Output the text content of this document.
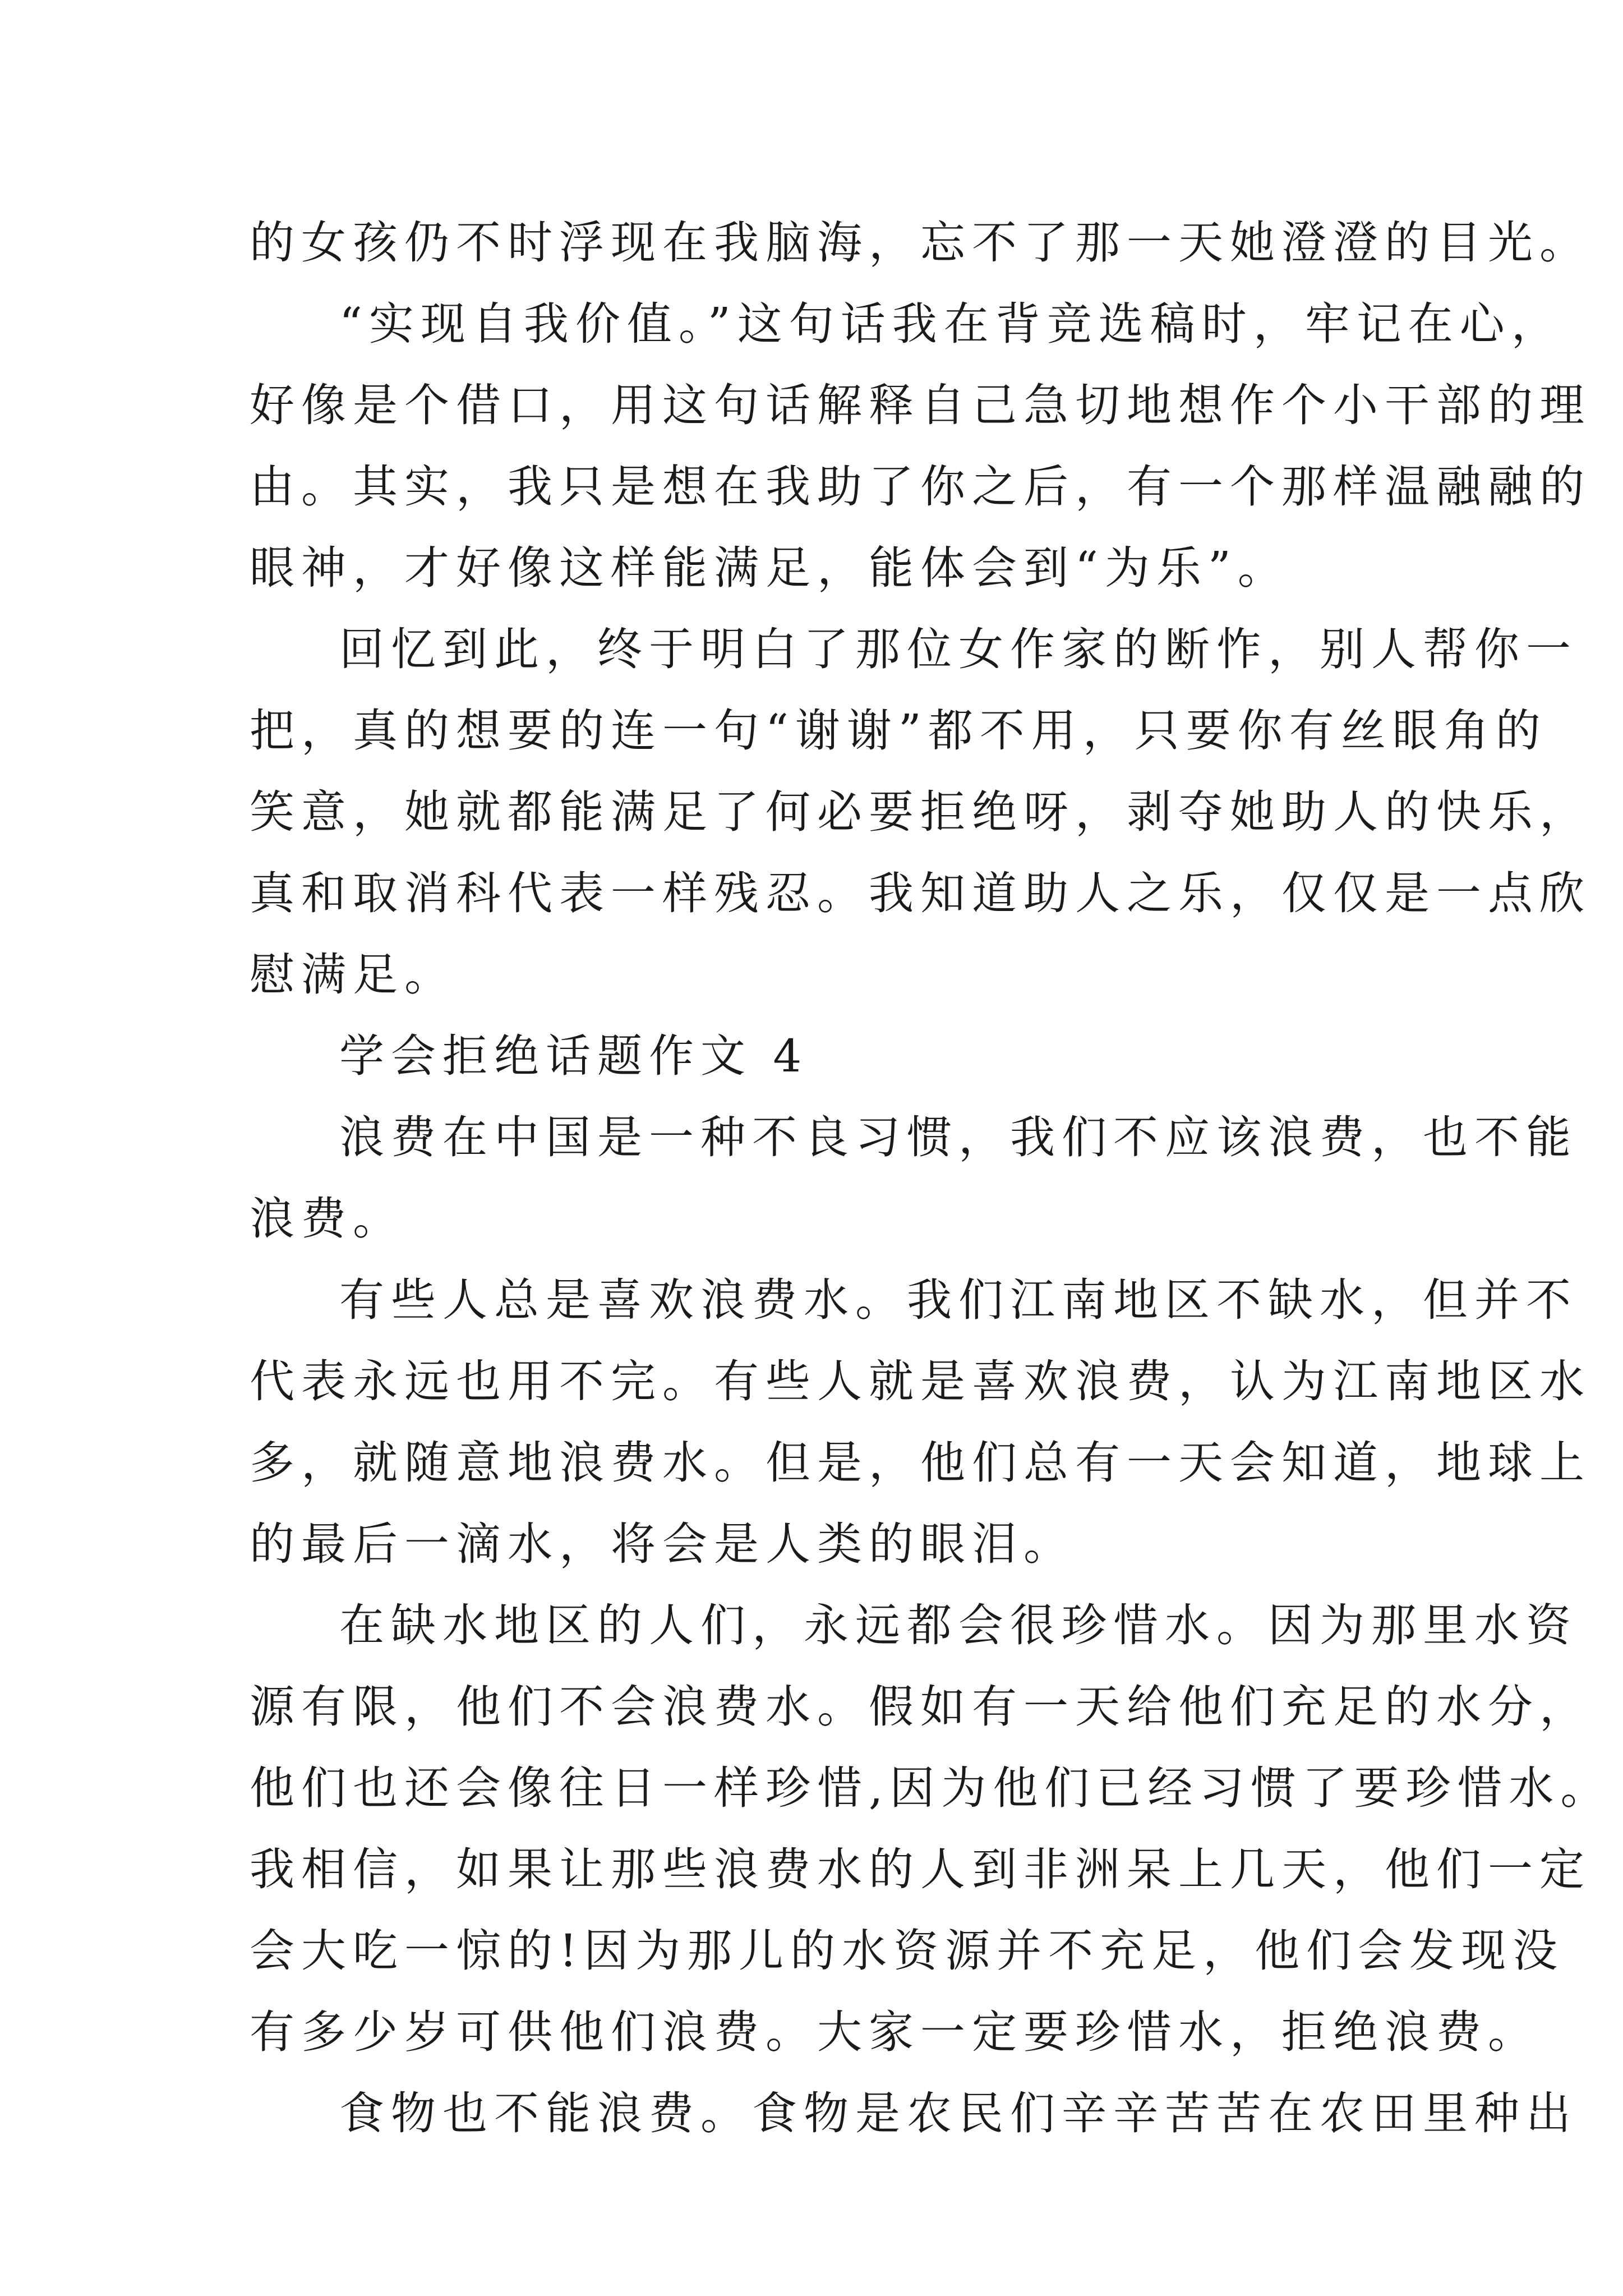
的女孩仍不时浮现在我脑海，忘不了那一天她澄澄的目光。
“实现自我价值。”这句话我在背竞选稿时，牢记在心，
好像是个借口，用这句话解释自己急切地想作个小干部的理
由。其实，我只是想在我助了你之后，有一个那样温融融的
眼神，才好像这样能满足，能体会到“为乐”。
回忆到此，终于明白了那位女作家的断怍，别人帮你一
把，真的想要的连一句“谢谢”都不用，只要你有丝眼角的
笑意，她就都能满足了何必要拒绝呀，剥夺她助人的快乐，
真和取消科代表一样残忍。我知道助人之乐，仅仅是一点欣
慰满足。
学会拒绝话题作文 4
浪费在中国是一种不良习惯，我们不应该浪费，也不能
浪费。
有些人总是喜欢浪费水。我们江南地区不缺水，但并不
代表永远也用不完。有些人就是喜欢浪费，认为江南地区水
多，就随意地浪费水。但是，他们总有一天会知道，地球上
的最后一滴水，将会是人类的眼泪。
在缺水地区的人们，永远都会很珍惜水。因为那里水资
源有限，他们不会浪费水。假如有一天给他们充足的水分，
他们也还会像往日一样珍惜,因为他们已经习惯了要珍惜水。
我相信，如果让那些浪费水的人到非洲呆上几天，他们一定
会大吃一惊的!因为那儿的水资源并不充足，他们会发现没
有多少岁可供他们浪费。大家一定要珍惜水，拒绝浪费。
食物也不能浪费。食物是农民们辛辛苦苦在农田里种出
